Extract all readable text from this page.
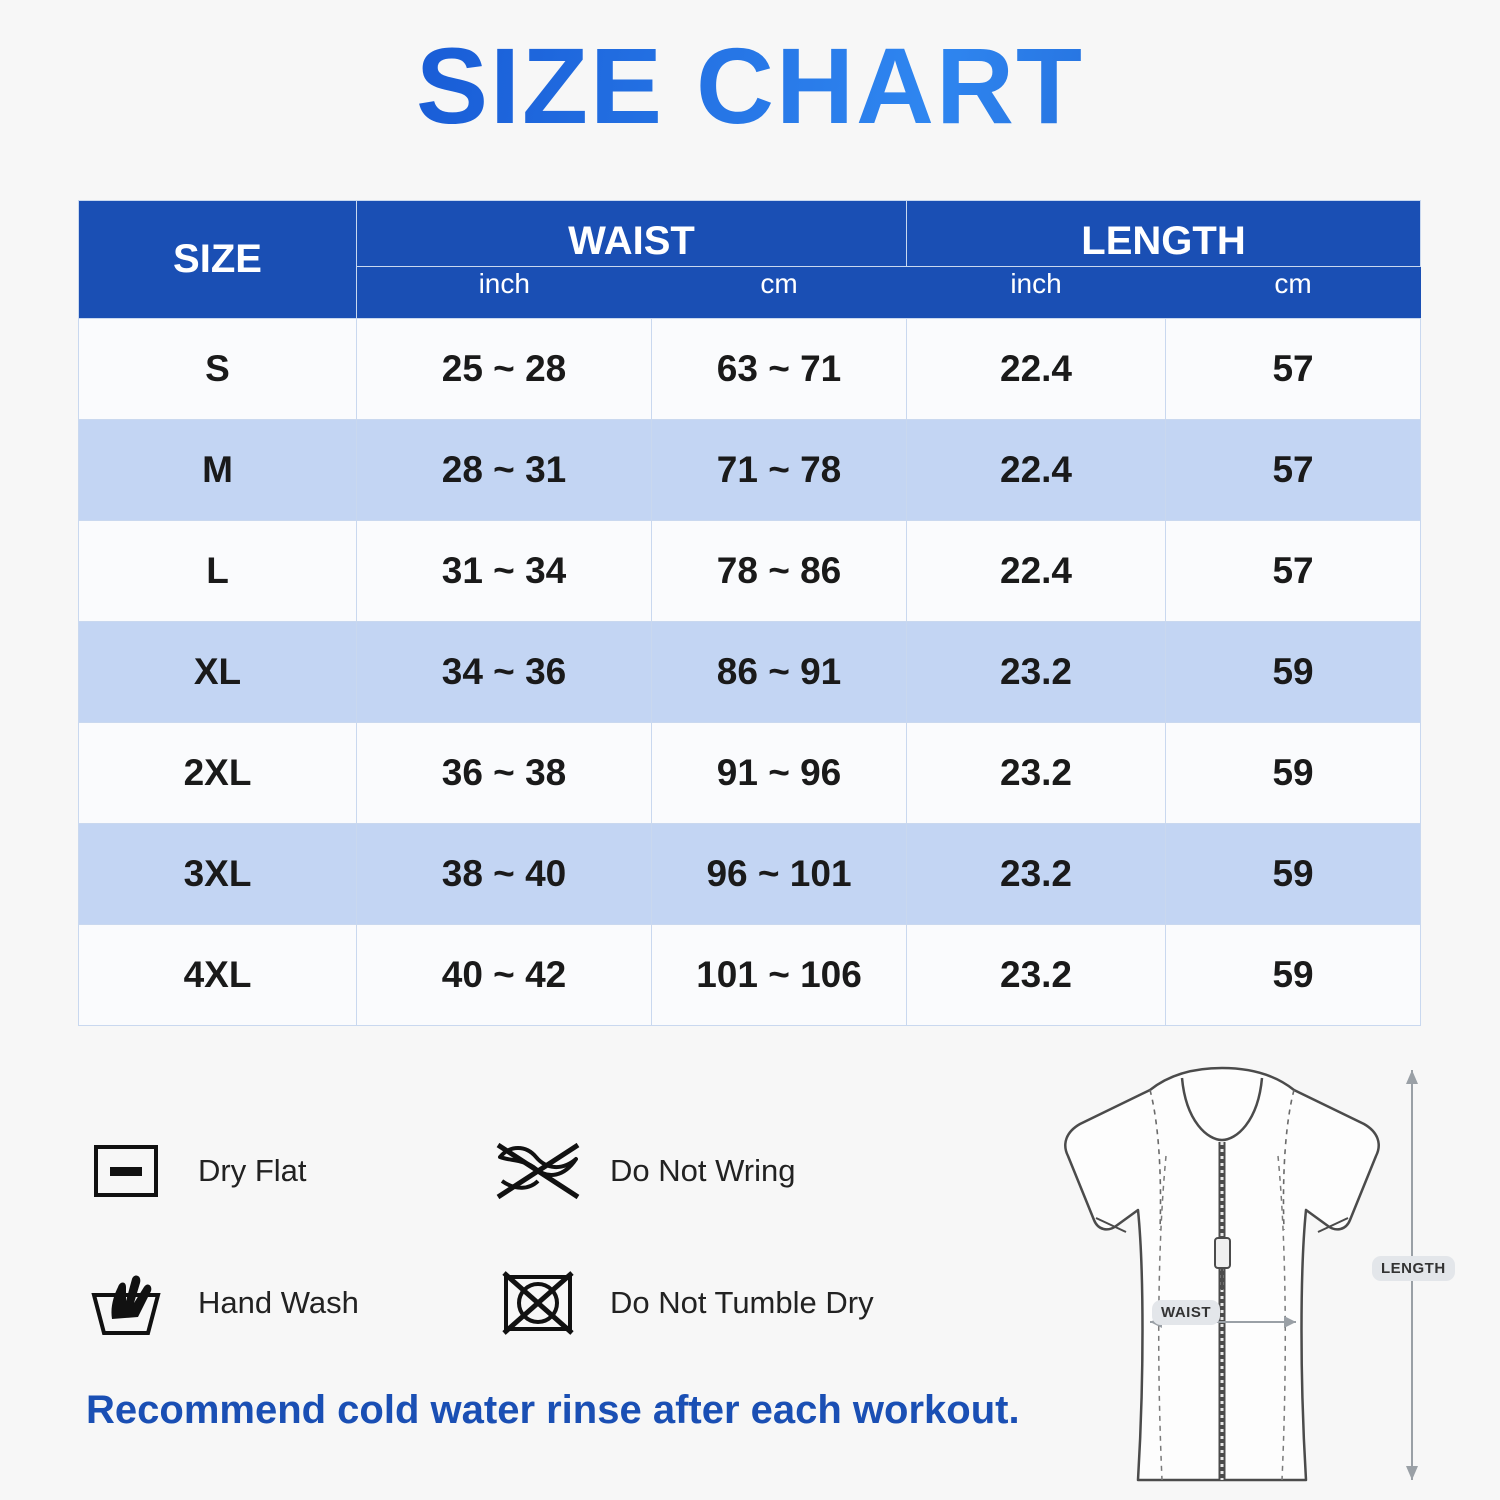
SIZE CHART
SIZE	WAIST		LENGTH	
	inch	cm	inch	cm
S	25 ~ 28	63 ~ 71	22.4	57
M	28 ~ 31	71 ~ 78	22.4	57
L	31 ~ 34	78 ~ 86	22.4	57
XL	34 ~ 36	86 ~ 91	23.2	59
2XL	36 ~ 38	91 ~ 96	23.2	59
3XL	38 ~ 40	96 ~ 101	23.2	59
4XL	40 ~ 42	101 ~ 106	23.2	59
Dry Flat	Do Not Wring
Hand Wash	Do Not Tumble Dry
Recommend cold water rinse after each workout.
WAIST
LENGTH
